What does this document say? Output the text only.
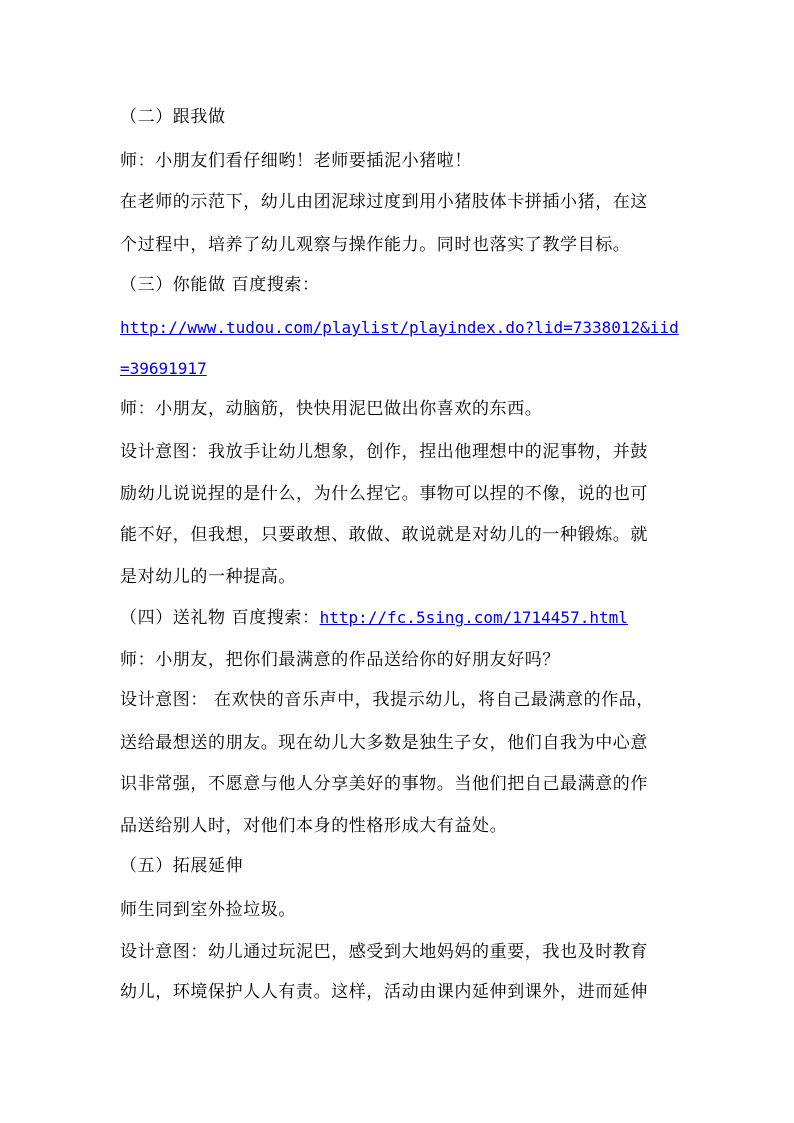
（二）跟我做
师：小朋友们看仔细哟！老师要插泥小猪啦！
在老师的示范下，幼儿由团泥球过度到用小猪肢体卡拼插小猪，在这
个过程中，培养了幼儿观察与操作能力。同时也落实了教学目标。
（三）你能做 百度搜索：
http://www.tudou.com/playlist/playindex.do?lid=7338012&iid
=39691917
师：小朋友，动脑筋，快快用泥巴做出你喜欢的东西。
设计意图：我放手让幼儿想象，创作，捏出他理想中的泥事物，并鼓
励幼儿说说捏的是什么，为什么捏它。事物可以捏的不像，说的也可
能不好，但我想，只要敢想、敢做、敢说就是对幼儿的一种锻炼。就
是对幼儿的一种提高。
（四）送礼物 百度搜索：http://fc.5sing.com/1714457.html
师：小朋友，把你们最满意的作品送给你的好朋友好吗？
设计意图： 在欢快的音乐声中，我提示幼儿，将自己最满意的作品，
送给最想送的朋友。现在幼儿大多数是独生子女，他们自我为中心意
识非常强，不愿意与他人分享美好的事物。当他们把自己最满意的作
品送给别人时，对他们本身的性格形成大有益处。
（五）拓展延伸
师生同到室外捡垃圾。
设计意图：幼儿通过玩泥巴，感受到大地妈妈的重要，我也及时教育
幼儿，环境保护人人有责。这样，活动由课内延伸到课外，进而延伸
